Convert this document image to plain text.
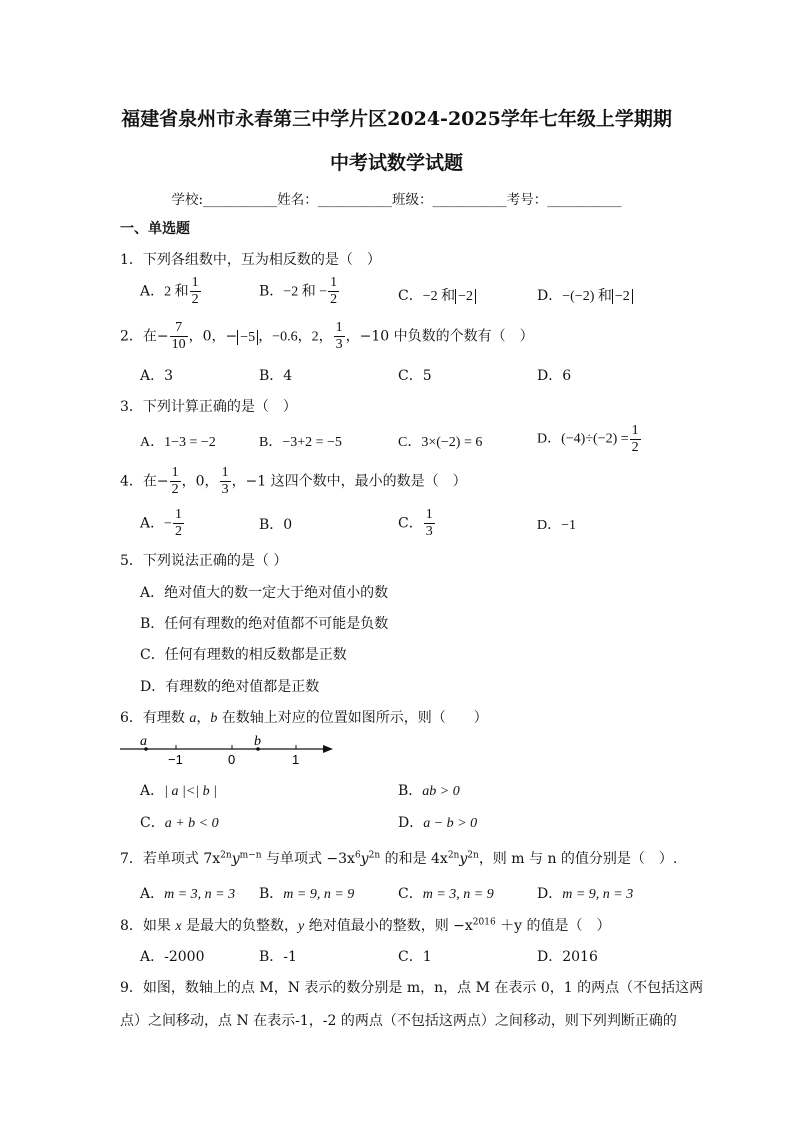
福建省泉州市永春第三中学片区2024-2025学年七年级上学期期
中考试数学试题
学校:___________姓名：___________班级：___________考号：___________
一、单选题
1．下列各组数中，互为相反数的是（　）
A．2 和 $\frac{1}{2}$	B．−2 和 − $\frac{1}{2}$	C．−2 和 −2	D．−(−2) 和 −2
2．在− $\frac{7}{10}$ ，0，− −5 ，−0.6，2， $\frac{1}{3}$ ，−10 中负数的个数有（　）
A．3	B．4	C．5	D．6
3．下列计算正确的是（　）
A．1−3 = −2	B．−3+2 = −5	C．3×(−2) = 6	D．$(-4)\div(-2) = \frac{1}{2}$
4．在− $\frac{1}{2}$ ，0， $\frac{1}{3}$ ，−1 这四个数中，最小的数是（　）
A．− $\frac{1}{2}$	B．0	C． $\frac{1}{3}$	D．−1
5．下列说法正确的是（ ）
A．绝对值大的数一定大于绝对值小的数
B．任何有理数的绝对值都不可能是负数
C．任何有理数的相反数都是正数
D．有理数的绝对值都是正数
6．有理数 a，b 在数轴上对应的位置如图所示，则（　　）
a	b
−1	0	1
A．| a |<| b |	B．ab > 0
C．a + b < 0	D．a − b > 0
7．若单项式 $7x^{2n}y^{m-n}$ 与单项式 $-3x^6y^{2n}$ 的和是 $4x^{2n}y^{2n}$，则 m 与 n 的值分别是（　）.
A．m = 3, n = 3 B．m = 9, n = 9	C．m = 3, n = 9	D．m = 9, n = 3
8．如果 x 是最大的负整数，y 绝对值最小的整数，则 $-x^{2016} +y$ 的值是（　）
A．-2000	B．-1	C．1	D．2016
9．如图，数轴上的点 M，N 表示的数分别是 m，n，点 M 在表示 0，1 的两点（不包括这两
点）之间移动，点 N 在表示-1，-2 的两点（不包括这两点）之间移动，则下列判断正确的
